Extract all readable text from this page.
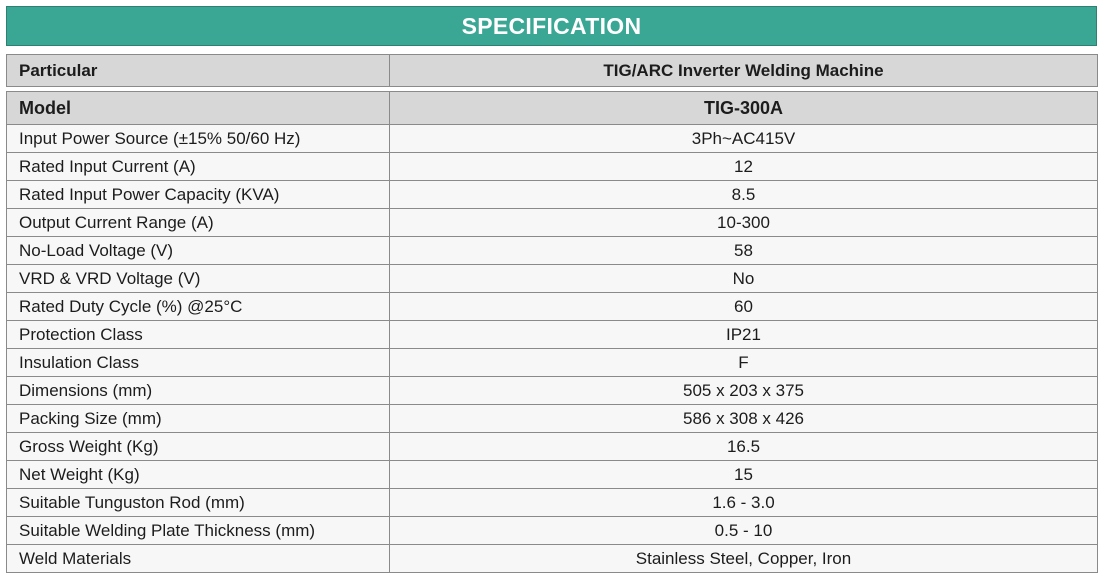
SPECIFICATION
Particular	TIG/ARC Inverter Welding Machine
Model	TIG-300A
Input Power Source (±15% 50/60 Hz)	3Ph~AC415V
Rated Input Current (A)	12
Rated Input Power Capacity (KVA)	8.5
Output Current Range (A)	10-300
No-Load Voltage (V)	58
VRD & VRD Voltage (V)	No
Rated Duty Cycle (%) @25°C	60
Protection Class	IP21
Insulation Class	F
Dimensions (mm)	505 x 203 x 375
Packing Size (mm)	586 x 308 x 426
Gross Weight (Kg)	16.5
Net Weight (Kg)	15
Suitable Tunguston Rod (mm)	1.6 - 3.0
Suitable Welding Plate Thickness (mm)	0.5 - 10
Weld Materials	Stainless Steel, Copper, Iron
